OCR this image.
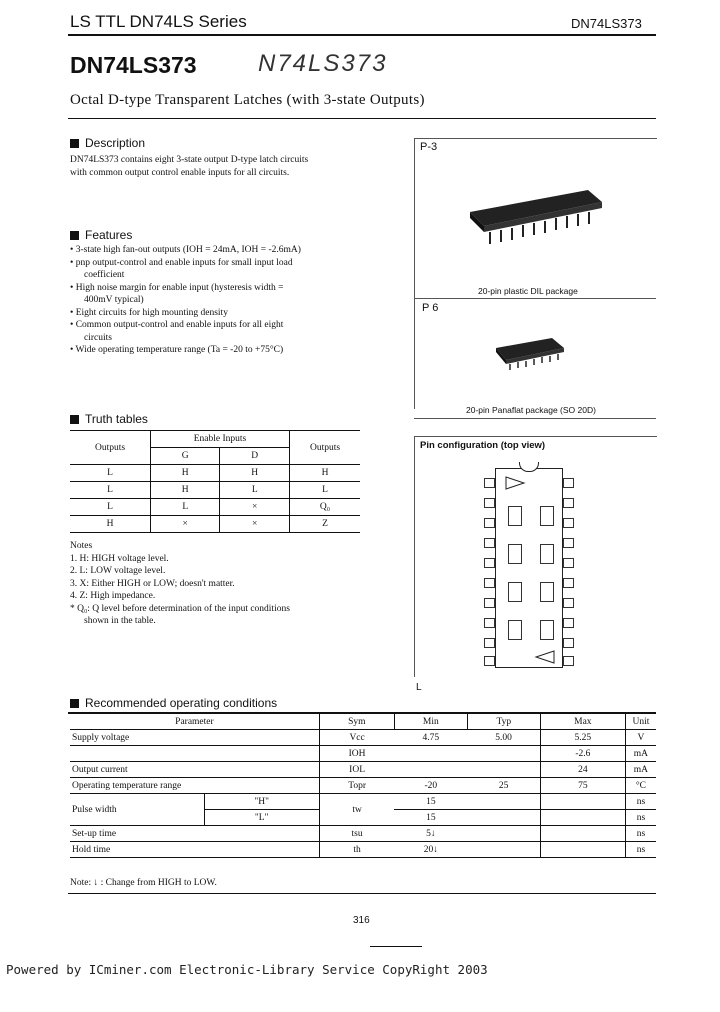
LS TTL DN74LS Series	DN74LS373
DN74LS373	N74LS373
Octal D-type Transparent Latches (with 3-state Outputs)
Description
DN74LS373 contains eight 3-state output D-type latch circuits
with common output control enable inputs for all circuits.
Features
• 3-state high fan-out outputs (IOH = 24mA, IOH = -2.6mA)
• pnp output-control and enable inputs for small input load
coefficient
• High noise margin for enable input (hysteresis width =
400mV typical)
• Eight circuits for high mounting density
• Common output-control and enable inputs for all eight
circuits
• Wide operating temperature range (Ta = -20 to +75°C)
Truth tables
Outputs	Enable Inputs		Outputs
	G	D	
L	H	H	H
L	H	L	L
L	L	×	Q₀
H	×	×	Z
Notes
1. H: HIGH voltage level.
2. L: LOW voltage level.
3. X: Either HIGH or LOW; doesn't matter.
4. Z: High impedance.
* Q₀: Q level before determination of the input conditions
shown in the table.
P-3
20-pin plastic DIL package
P 6
20-pin Panaflat package (SO 20D)
Pin configuration (top view)
L
Recommended operating conditions
Parameter		Sym	Min	Typ	Max	Unit
Supply voltage		Vcc	4.75	5.00	5.25	V
		IOH			-2.6	mA
Output current		IOL			24	mA
Operating temperature range		Topr	-20	25	75	°C
Pulse width	"H"	tw	15			ns
	"L"		15			ns
Set-up time		tsu	5↓			ns
Hold time		th	20↓			ns
Note: ↓ : Change from HIGH to LOW.
316
Powered by ICminer.com Electronic-Library Service CopyRight 2003
